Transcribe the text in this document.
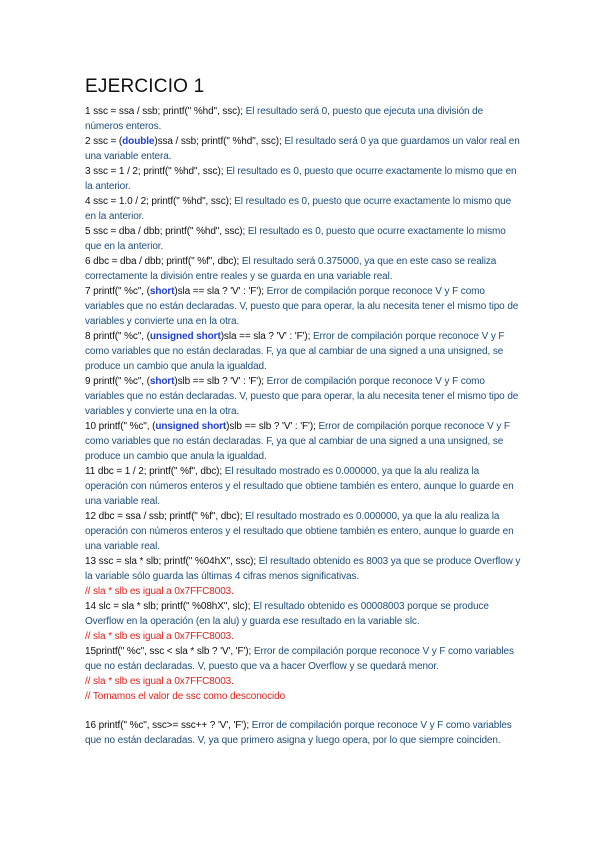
EJERCICIO 1

1 ssc = ssa / ssb; printf(" %hd", ssc); El resultado será 0, puesto que ejecuta una división de números enteros.

2 ssc = (double)ssa / ssb; printf(" %hd", ssc); El resultado será 0 ya que guardamos un valor real en una variable entera.

3 ssc = 1 / 2; printf(" %hd", ssc); El resultado es 0, puesto que ocurre exactamente lo mismo que en la anterior.

4 ssc = 1.0 / 2; printf(" %hd", ssc); El resultado es 0, puesto que ocurre exactamente lo mismo que en la anterior.

5 ssc = dba / dbb; printf(" %hd", ssc); El resultado es 0, puesto que ocurre exactamente lo mismo que en la anterior.

6 dbc = dba / dbb; printf(" %f", dbc); El resultado será 0.375000, ya que en este caso se realiza correctamente la división entre reales y se guarda en una variable real.

7 printf(" %c", (short)sla == sla ? 'V' : 'F'); Error de compilación porque reconoce V y F como variables que no están declaradas. V, puesto que para operar, la alu necesita tener el mismo tipo de variables y convierte una en la otra.

8 printf(" %c", (unsigned short)sla == sla ? 'V' : 'F'); Error de compilación porque reconoce V y F como variables que no están declaradas. F, ya que al cambiar de una signed a una unsigned, se produce un cambio que anula la igualdad.

9 printf(" %c", (short)slb == slb ? 'V' : 'F'); Error de compilación porque reconoce V y F como variables que no están declaradas. V, puesto que para operar, la alu necesita tener el mismo tipo de variables y convierte una en la otra.

10 printf(" %c", (unsigned short)slb == slb ? 'V' : 'F'); Error de compilación porque reconoce V y F como variables que no están declaradas. F, ya que al cambiar de una signed a una unsigned, se produce un cambio que anula la igualdad.

11 dbc = 1 / 2; printf(" %f", dbc); El resultado mostrado es 0.000000, ya que la alu realiza la operación con números enteros y el resultado que obtiene también es entero, aunque lo guarde en una variable real.

12 dbc = ssa / ssb; printf(" %f", dbc); El resultado mostrado es 0.000000, ya que la alu realiza la operación con números enteros y el resultado que obtiene también es entero, aunque lo guarde en una variable real.

13 ssc = sla * slb; printf(" %04hX", ssc); El resultado obtenido es 8003 ya que se produce Overflow y la variable sólo guarda las últimas 4 cifras menos significativas.

// sla * slb es igual a 0x7FFC8003.

14 slc = sla * slb; printf(" %08hX", slc); El resultado obtenido es 00008003 porque se produce Overflow en la operación (en la alu) y guarda ese resultado en la variable slc.

// sla * slb es igual a 0x7FFC8003.

15printf(" %c", ssc < sla * slb ? 'V', 'F'); Error de compilación porque reconoce V y F como variables que no están declaradas. V, puesto que va a hacer Overflow y se quedará menor.

// sla * slb es igual a 0x7FFC8003.
// Tomamos el valor de ssc como desconocido

16 printf(" %c", ssc>= ssc++ ? 'V', 'F'); Error de compilación porque reconoce V y F como variables que no están declaradas. V, ya que primero asigna y luego opera, por lo que siempre coinciden.
